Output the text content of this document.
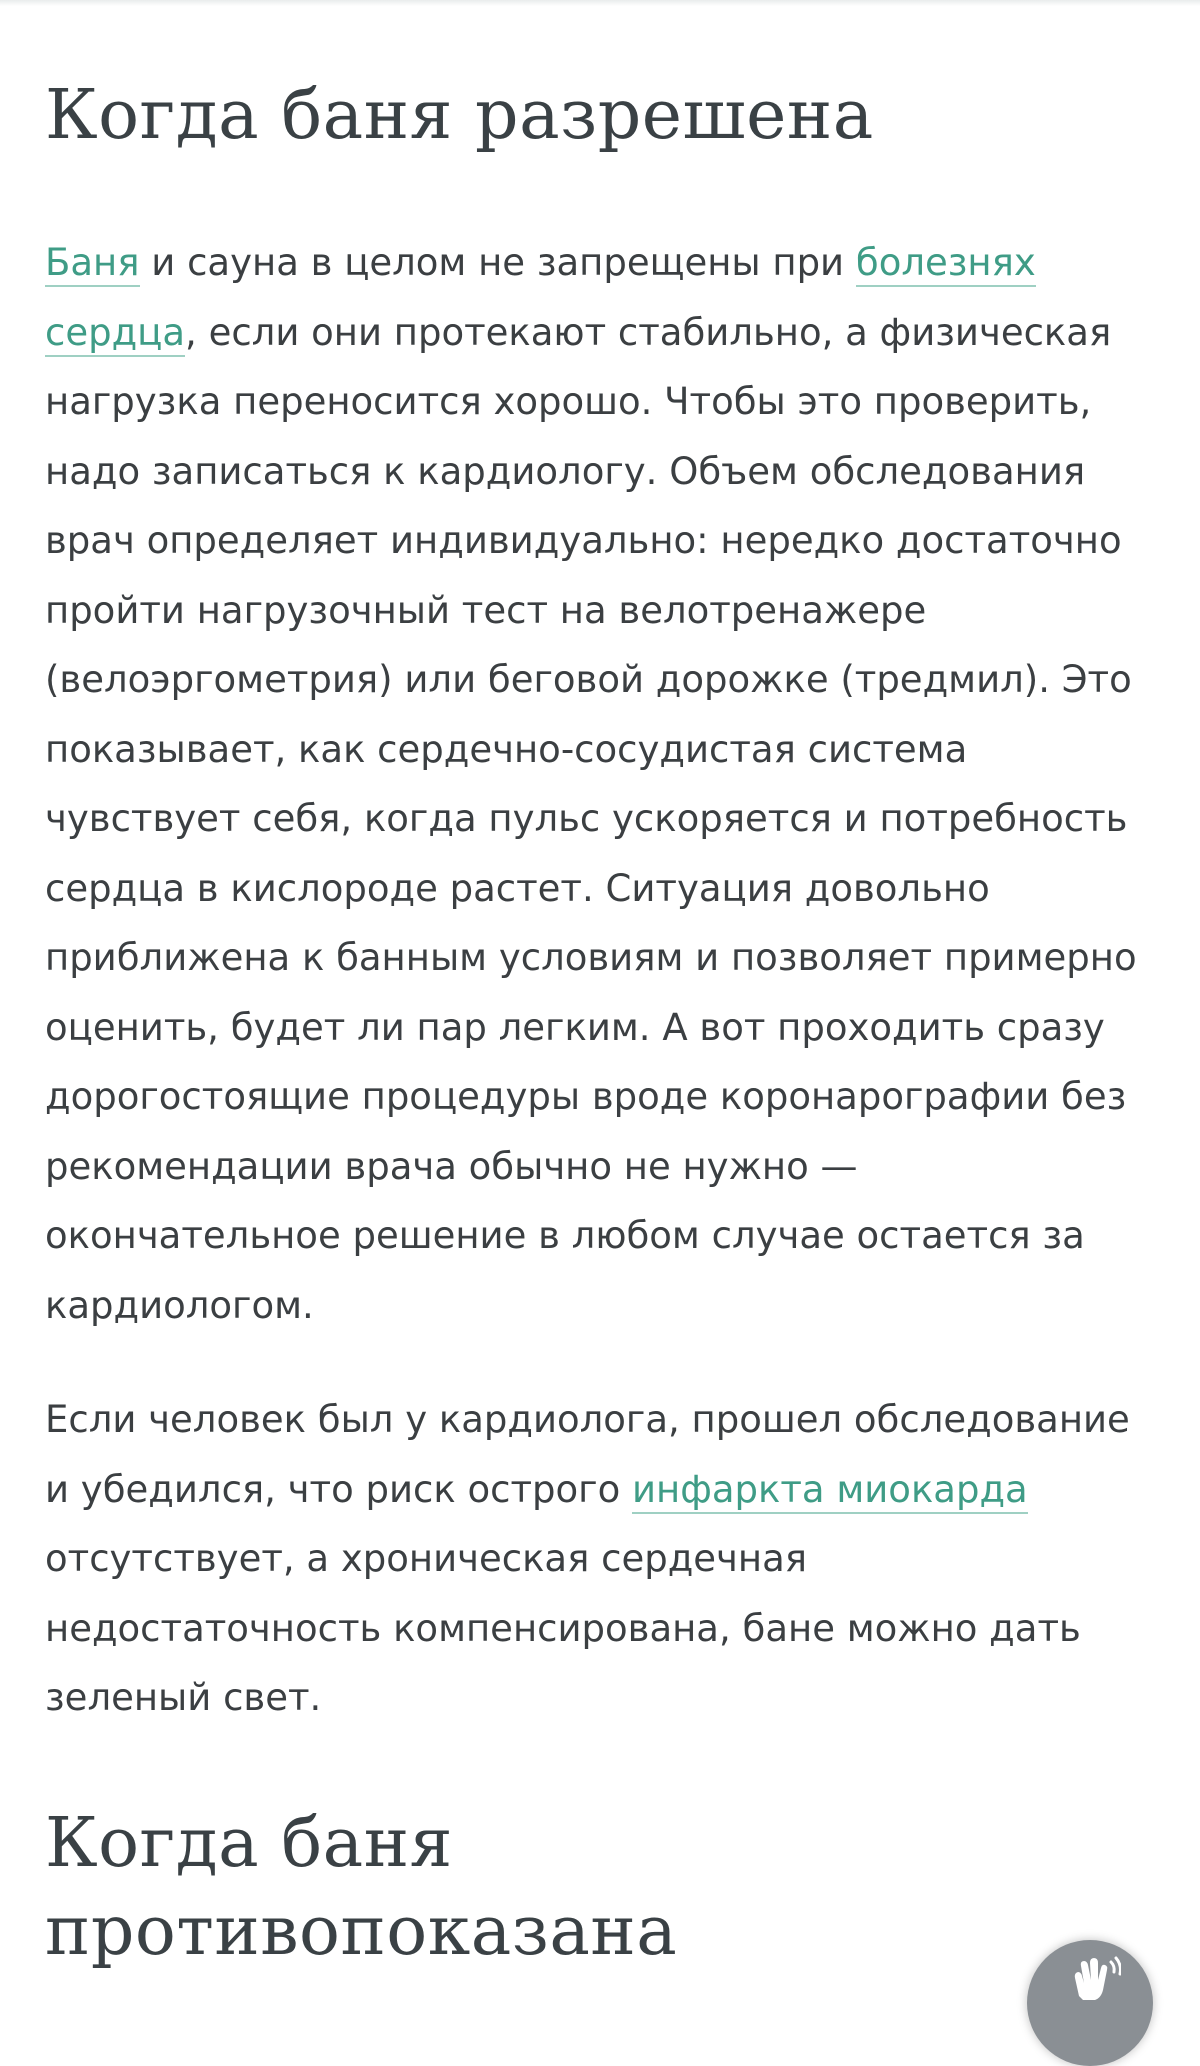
Когда баня разрешена

Баня и сауна в целом не запрещены при болезнях сердца, если они протекают стабильно, а физическая нагрузка переносится хорошо. Чтобы это проверить, надо записаться к кардиологу. Объем обследования врач определяет индивидуально: нередко достаточно пройти нагрузочный тест на велотренажере (велоэргометрия) или беговой дорожке (тредмил). Это показывает, как сердечно-сосудистая система чувствует себя, когда пульс ускоряется и потребность сердца в кислороде растет. Ситуация довольно приближена к банным условиям и позволяет примерно оценить, будет ли пар легким. А вот проходить сразу дорогостоящие процедуры вроде коронарографии без рекомендации врача обычно не нужно — окончательное решение в любом случае остается за кардиологом.

Если человек был у кардиолога, прошел обследование и убедился, что риск острого инфаркта миокарда отсутствует, а хроническая сердечная недостаточность компенсирована, бане можно дать зеленый свет.

Когда баня противопоказана
